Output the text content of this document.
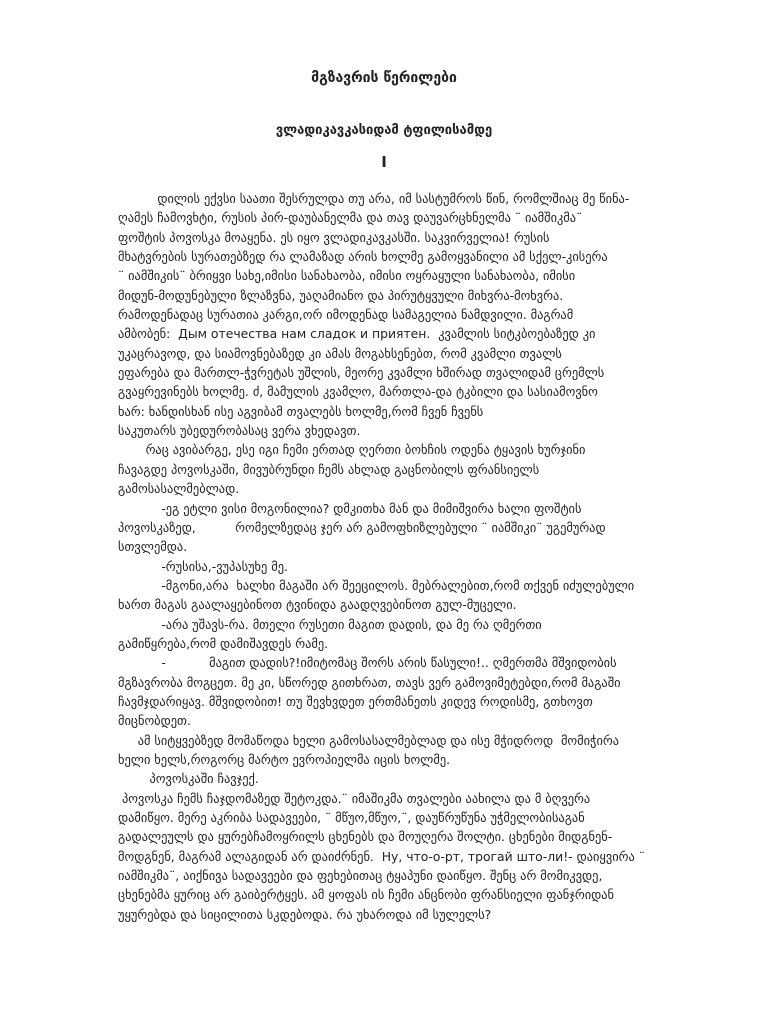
მგზავრის წერილები
ვლადიკავკასიდამ ტფილისამდე
I
დილის ექვსი საათი შესრულდა თუ არა, იმ სასტუმროს წინ, რომლშიაც მე წინა-
ღამეს ჩამოვხტი, რუსის პირ-დაუბანელმა და თავ დაუვარცხნელმა ¨ იამშიკმა¨
ფოშტის პოვოსკა მოაყენა. ეს იყო ვლადიკავკასში. საკვირველია! რუსის
მხატვრების სურათებზედ რა ლამაზად არის ხოლმე გამოყვანილი ამ სქელ-კისერა
¨ იამშიკის¨ ბრიყვი სახე,იმისი სანახაობა, იმისი ოყრაყული სანახაობა, იმისი
მიდუნ-მოდუნებული ზლაზვნა, უაღამიანო და პირუტყვული მიხვრა-მოხვრა.
რამოდენადაც სურათია კარგი,ორ იმოდენად სამაგელია ნამდვილი. მაგრამ
ამბობენ:  Дым отечества нам сладок и приятен.  კვამლის სიტკბოებაზედ კი
უკაცრავოდ, და სიამოვნებაზედ კი ამას მოგახსენებთ, რომ კვამლი თვალს
ეფარება და მართლ-ჭვრეტას უშლის, მეორე კვამლი ხშირად თვალიდამ ცრემლს
გვაყრევინებს ხოლმე. ძ, მამულის კვამლო, მართლა-და ტკბილი და სასიამოვნო
ხარ: ხანდისხან ისე აგვიბამ თვალებს ხოლმე,რომ ჩვენ ჩვენს
საკუთარს უბედურობასაც ვერა ვხედავთ.
რაც ავიბარგე, ესე იგი ჩემი ერთად ღერთი ბოხჩის ოდენა ტყავის ხურჯინი
ჩავაგდე პოვოსკაში, მივუბრუნდი ჩემს ახლად გაცნობილს ფრანსიელს
გამოსასალმებლად.
-ეგ ეტლი ვისი მოგონილია? დმკითხა მან და მიმიშვირა ხალი ფოშტის
პოვოსკაზედ,          რომელზედაც ჯერ არ გამოფხიზლებული ¨ იამშიკი¨ უგემურად
სთვლემდა.
-რუსისა,-ვუპასუხე მე.
-მგონი,არა  ხალხი მაგაში არ შეეცილოს. მებრალებით,რომ თქვენ იძულებული
ხართ მაგას გაალაყებინოთ ტვინიდა გაადღვებინოთ გულ-მუცელი.
-არა უშავს-რა. მთელი რუსეთი მაგით დადის, და მე რა ღმერთი
გამიწყრება,რომ დამიშავდეს რამე.
-           მაგით დადის?!იმიტომაც შორს არის წასული!.. ღმერთმა მშვიდობის
მგზავრობა მოგცეთ. მე კი, სწორედ გითხრათ, თავს ვერ გამოვიმეტებდი,რომ მაგაში
ჩავმჯდარიყავ. მშვიდობით! თუ შევხვდეთ ერთმანეთს კიდევ როდისმე, გთხოვთ
მიცნობდეთ.
ამ სიტყვებზედ მომაწოდა ხელი გამოსასალმებლად და ისე მჭიდროდ  მომიჭირა
ხელი ხელს,როგორც მარტო ევროპიელმა იცის ხოლმე.
პოვოსკაში ჩავჯექ.
პოვოსკა ჩემს ჩაჯდომაზედ შეტოკდა.¨ იმაშიკმა თვალები აახილა და მ ბღვერა
დამიწყო. მერე აკრიბა სადავეები, ¨ მწუო,მწუო,¨, დაუწრუწუნა უჭმელობისაგან
გადალეულს და ყურებჩამოყრილს ცხენებს და მოუღერა შოლტი. ცხენები მიდგნენ-
მოდგნენ, მაგრამ ალაგიდან არ დაიძრნენ.  Ну, что-о-рт, трогай што-ли!- დაიყვირა ¨
იამშიკმა¨, აიქნივა სადავეები და ფეხებითაც ტყაპუნი დაიწყო. შენც არ მომიკვდე,
ცხენებმა ყურიც არ გაიბერტყეს. ამ ყოფას ის ჩემი ანცნობი ფრანსიელი ფანჯრიდან
უყურებდა და სიცილითა სკდებოდა. რა უხაროდა იმ სულელს?
